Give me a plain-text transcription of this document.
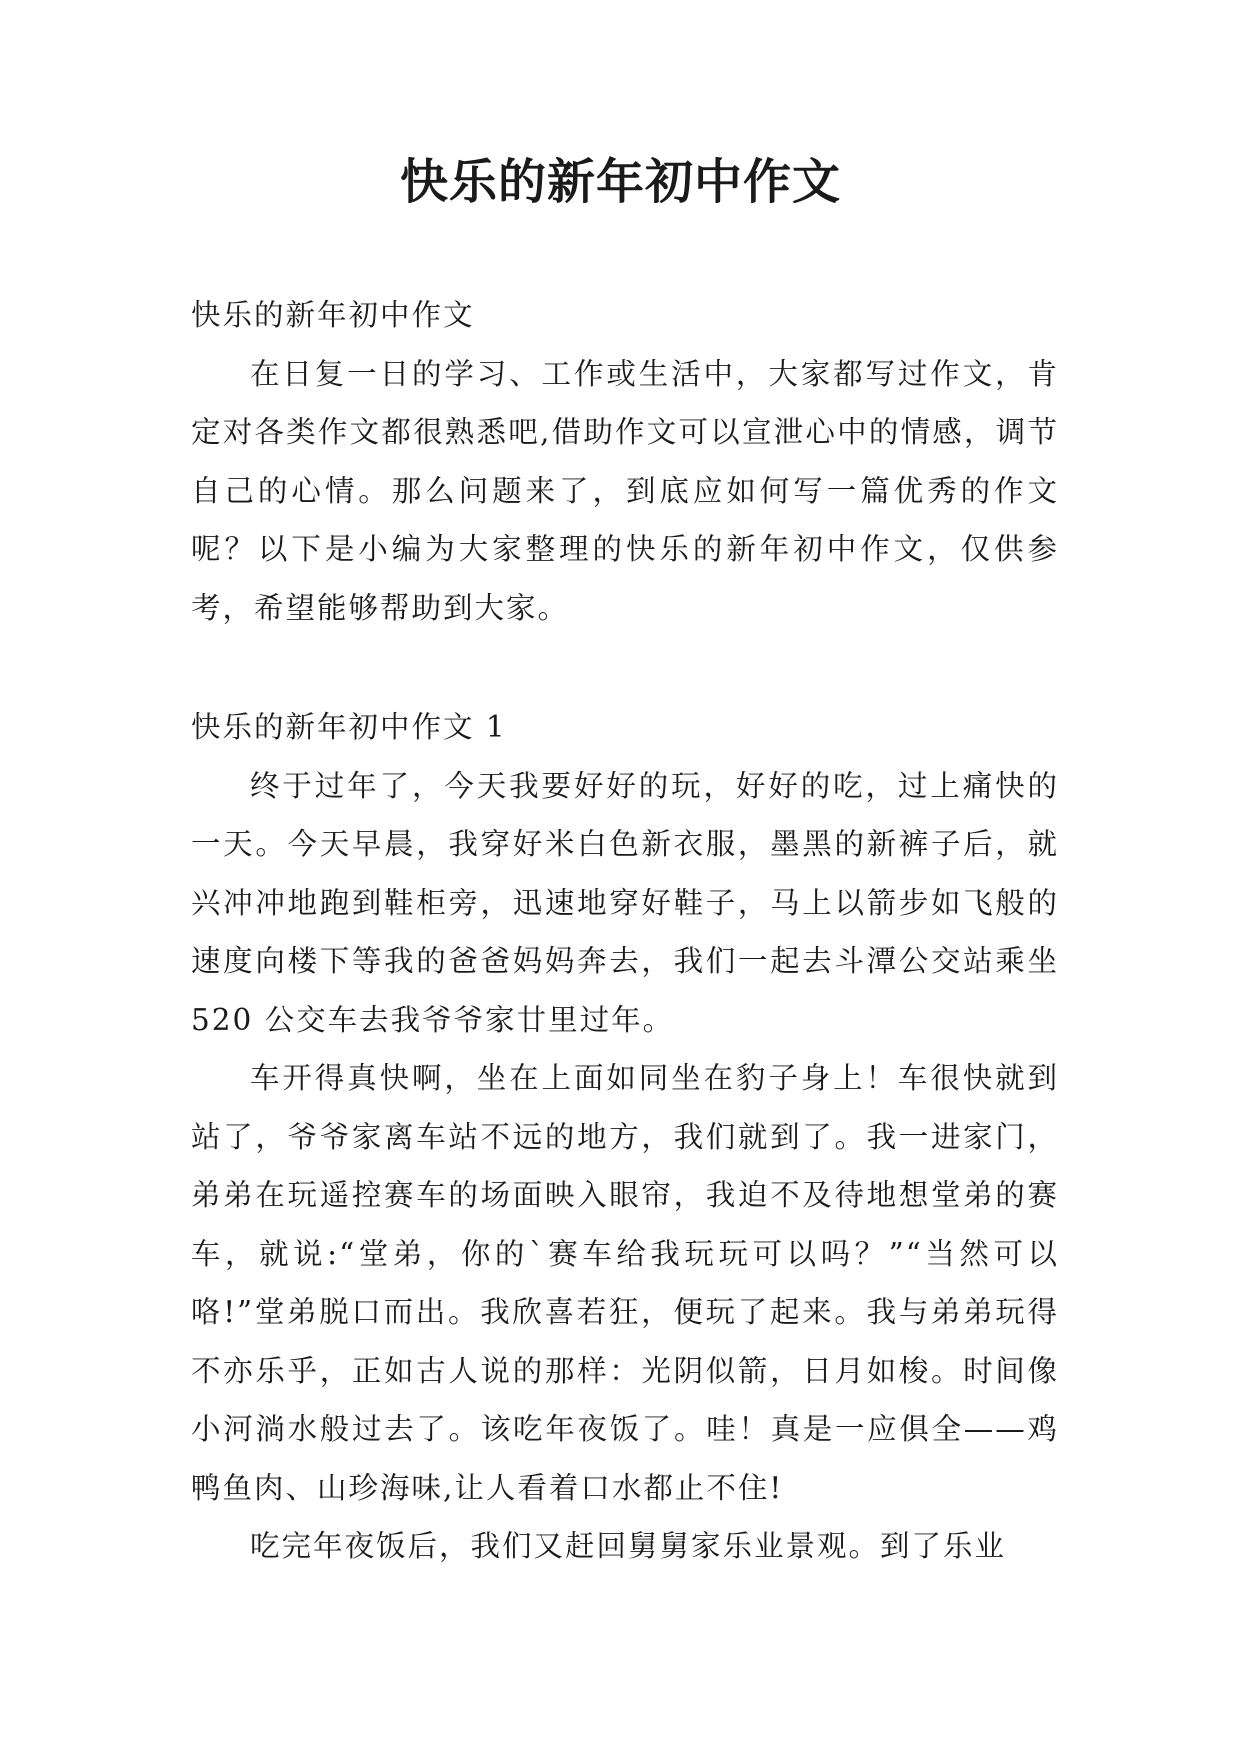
快乐的新年初中作文

快乐的新年初中作文

在日复一日的学习、工作或生活中，大家都写过作文，肯定对各类作文都很熟悉吧,借助作文可以宣泄心中的情感，调节自己的心情。那么问题来了，到底应如何写一篇优秀的作文呢？以下是小编为大家整理的快乐的新年初中作文，仅供参考，希望能够帮助到大家。

快乐的新年初中作文 1

终于过年了，今天我要好好的玩，好好的吃，过上痛快的一天。今天早晨，我穿好米白色新衣服，墨黑的新裤子后，就兴冲冲地跑到鞋柜旁，迅速地穿好鞋子，马上以箭步如飞般的速度向楼下等我的爸爸妈妈奔去，我们一起去斗潭公交站乘坐 520 公交车去我爷爷家廿里过年。

车开得真快啊，坐在上面如同坐在豹子身上！车很快就到站了，爷爷家离车站不远的地方，我们就到了。我一进家门，弟弟在玩遥控赛车的场面映入眼帘，我迫不及待地想堂弟的赛车，就说:“堂弟，你的`赛车给我玩玩可以吗？”“当然可以咯!”堂弟脱口而出。我欣喜若狂，便玩了起来。我与弟弟玩得不亦乐乎，正如古人说的那样：光阴似箭，日月如梭。时间像小河淌水般过去了。该吃年夜饭了。哇！真是一应俱全——鸡鸭鱼肉、山珍海味,让人看着口水都止不住!

吃完年夜饭后，我们又赶回舅舅家乐业景观。到了乐业
